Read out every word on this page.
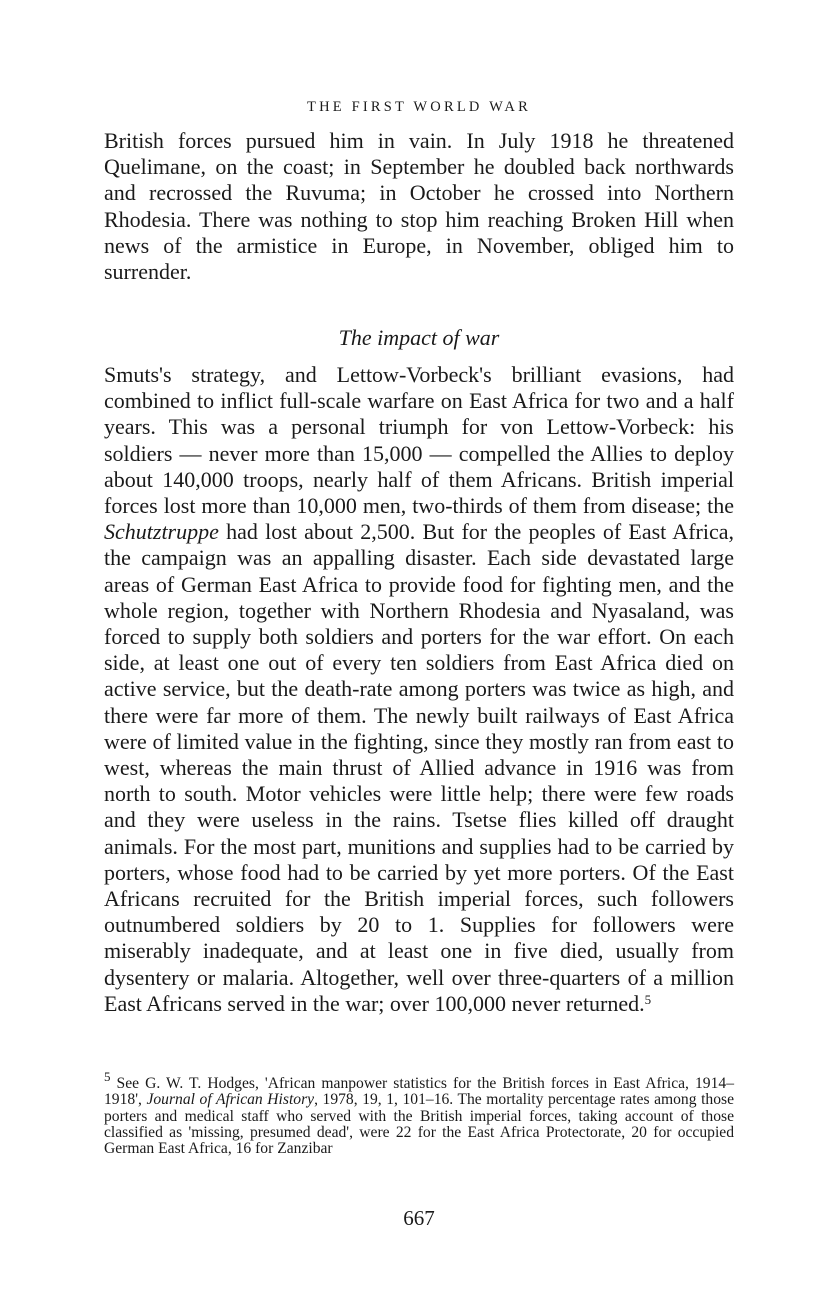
THE FIRST WORLD WAR

British forces pursued him in vain. In July 1918 he threatened Quelimane, on the coast; in September he doubled back northwards and recrossed the Ruvuma; in October he crossed into Northern Rhodesia. There was nothing to stop him reaching Broken Hill when news of the armistice in Europe, in November, obliged him to surrender.

The impact of war

Smuts's strategy, and Lettow-Vorbeck's brilliant evasions, had combined to inflict full-scale warfare on East Africa for two and a half years. This was a personal triumph for von Lettow-Vorbeck: his soldiers — never more than 15,000 — compelled the Allies to deploy about 140,000 troops, nearly half of them Africans. British imperial forces lost more than 10,000 men, two-thirds of them from disease; the Schutztruppe had lost about 2,500. But for the peoples of East Africa, the campaign was an appalling disaster. Each side devastated large areas of German East Africa to provide food for fighting men, and the whole region, together with Northern Rhodesia and Nyasaland, was forced to supply both soldiers and porters for the war effort. On each side, at least one out of every ten soldiers from East Africa died on active service, but the death-rate among porters was twice as high, and there were far more of them. The newly built railways of East Africa were of limited value in the fighting, since they mostly ran from east to west, whereas the main thrust of Allied advance in 1916 was from north to south. Motor vehicles were little help; there were few roads and they were useless in the rains. Tsetse flies killed off draught animals. For the most part, munitions and supplies had to be carried by porters, whose food had to be carried by yet more porters. Of the East Africans recruited for the British imperial forces, such followers outnumbered soldiers by 20 to 1. Supplies for followers were miserably inadequate, and at least one in five died, usually from dysentery or malaria. Altogether, well over three-quarters of a million East Africans served in the war; over 100,000 never returned.$^5$

$^5$ See G. W. T. Hodges, 'African manpower statistics for the British forces in East Africa, 1914–1918', Journal of African History, 1978, 19, 1, 101–16. The mortality percentage rates among those porters and medical staff who served with the British imperial forces, taking account of those classified as 'missing, presumed dead', were 22 for the East Africa Protectorate, 20 for occupied German East Africa, 16 for Zanzibar

667
